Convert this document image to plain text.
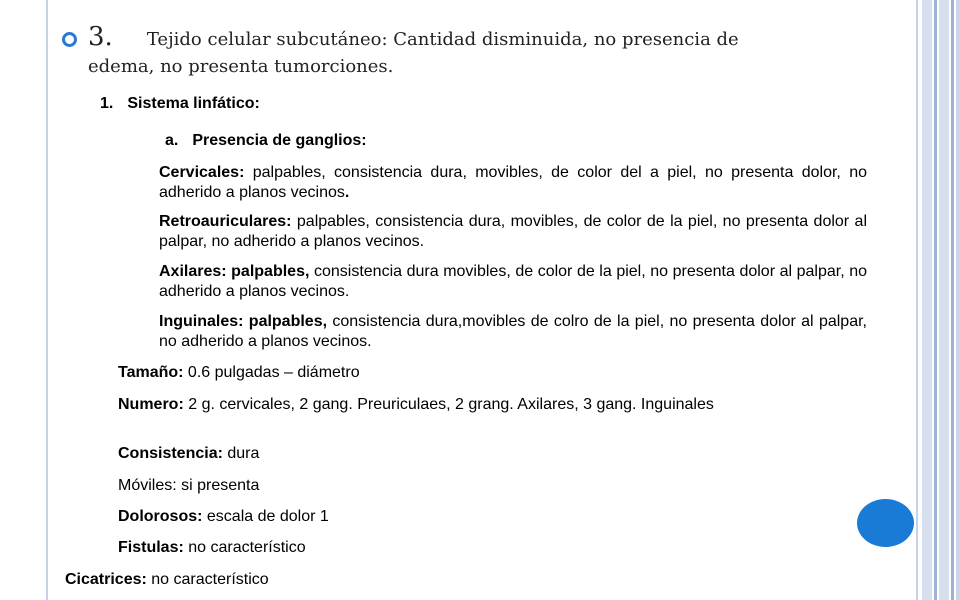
3. Tejido celular subcutáneo: Cantidad disminuida, no presencia de edema, no presenta tumorciones.
1. Sistema linfático:
a. Presencia de ganglios:
Cervicales: palpables, consistencia dura, movibles, de color del a piel, no presenta dolor, no adherido a planos vecinos.
Retroauriculares: palpables, consistencia dura, movibles, de color de la piel, no presenta dolor al palpar, no adherido a planos vecinos.
Axilares: palpables, consistencia dura movibles, de color de la piel, no presenta dolor al palpar, no adherido a planos vecinos.
Inguinales: palpables, consistencia dura,movibles de colro de la piel, no presenta dolor al palpar, no adherido a planos vecinos.
Tamaño: 0.6 pulgadas – diámetro
Numero: 2 g. cervicales, 2 gang. Preuriculaes, 2 grang. Axilares, 3 gang. Inguinales
Consistencia: dura
Móviles: si presenta
Dolorosos: escala de dolor 1
Fistulas: no característico
Cicatrices: no característico
